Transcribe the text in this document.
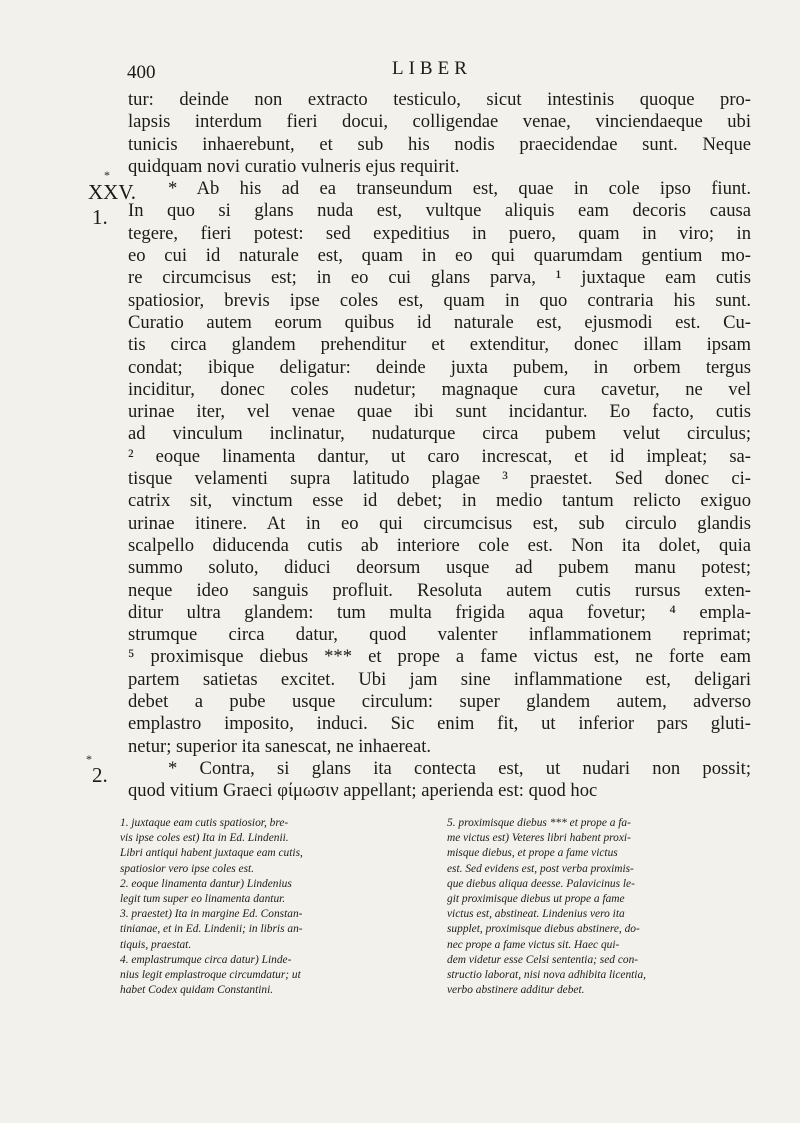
400	LIBER
*
XXV.
1.
*
2.
tur: deinde non extracto testiculo, sicut intestinis quoque pro-
lapsis interdum fieri docui, colligendae venae, vinciendaeque ubi
tunicis inhaerebunt, et sub his nodis praecidendae sunt. Neque
quidquam novi curatio vulneris ejus requirit.
* Ab his ad ea transeundum est, quae in cole ipso fiunt.
In quo si glans nuda est, vultque aliquis eam decoris causa
tegere, fieri potest: sed expeditius in puero, quam in viro; in
eo cui id naturale est, quam in eo qui quarumdam gentium mo-
re circumcisus est; in eo cui glans parva, ¹ juxtaque eam cutis
spatiosior, brevis ipse coles est, quam in quo contraria his sunt.
Curatio autem eorum quibus id naturale est, ejusmodi est. Cu-
tis circa glandem prehenditur et extenditur, donec illam ipsam
condat; ibique deligatur: deinde juxta pubem, in orbem tergus
inciditur, donec coles nudetur; magnaque cura cavetur, ne vel
urinae iter, vel venae quae ibi sunt incidantur. Eo facto, cutis
ad vinculum inclinatur, nudaturque circa pubem velut circulus;
² eoque linamenta dantur, ut caro increscat, et id impleat; sa-
tisque velamenti supra latitudo plagae ³ praestet. Sed donec ci-
catrix sit, vinctum esse id debet; in medio tantum relicto exiguo
urinae itinere. At in eo qui circumcisus est, sub circulo glandis
scalpello diducenda cutis ab interiore cole est. Non ita dolet, quia
summo soluto, diduci deorsum usque ad pubem manu potest;
neque ideo sanguis profluit. Resoluta autem cutis rursus exten-
ditur ultra glandem: tum multa frigida aqua fovetur; ⁴ empla-
strumque circa datur, quod valenter inflammationem reprimat;
⁵ proximisque diebus *** et prope a fame victus est, ne forte eam
partem satietas excitet. Ubi jam sine inflammatione est, deligari
debet a pube usque circulum: super glandem autem, adverso
emplastro imposito, induci. Sic enim fit, ut inferior pars gluti-
netur; superior ita sanescat, ne inhaereat.
* Contra, si glans ita contecta est, ut nudari non possit;
quod vitium Graeci φίμωσιν appellant; aperienda est: quod hoc
1. juxtaque eam cutis spatiosior, bre-
vis ipse coles est) Ita in Ed. Lindenii.
Libri antiqui habent juxtaque eam cutis,
spatiosior vero ipse coles est.
2. eoque linamenta dantur) Lindenius
legit tum super eo linamenta dantur.
3. praestet) Ita in margine Ed. Constan-
tinianae, et in Ed. Lindenii; in libris an-
tiquis, praestat.
4. emplastrumque circa datur) Linde-
nius legit emplastroque circumdatur; ut
habet Codex quidam Constantini.
5. proximisque diebus *** et prope a fa-
me victus est) Veteres libri habent proxi-
misque diebus, et prope a fame victus
est. Sed evidens est, post verba proximis-
que diebus aliqua deesse. Palavicinus le-
git proximisque diebus ut prope a fame
victus est, abstineat. Lindenius vero ita
supplet, proximisque diebus abstinere, do-
nec prope a fame victus sit. Haec qui-
dem videtur esse Celsi sententia; sed con-
structio laborat, nisi nova adhibita licentia,
verbo abstinere additur debet.
